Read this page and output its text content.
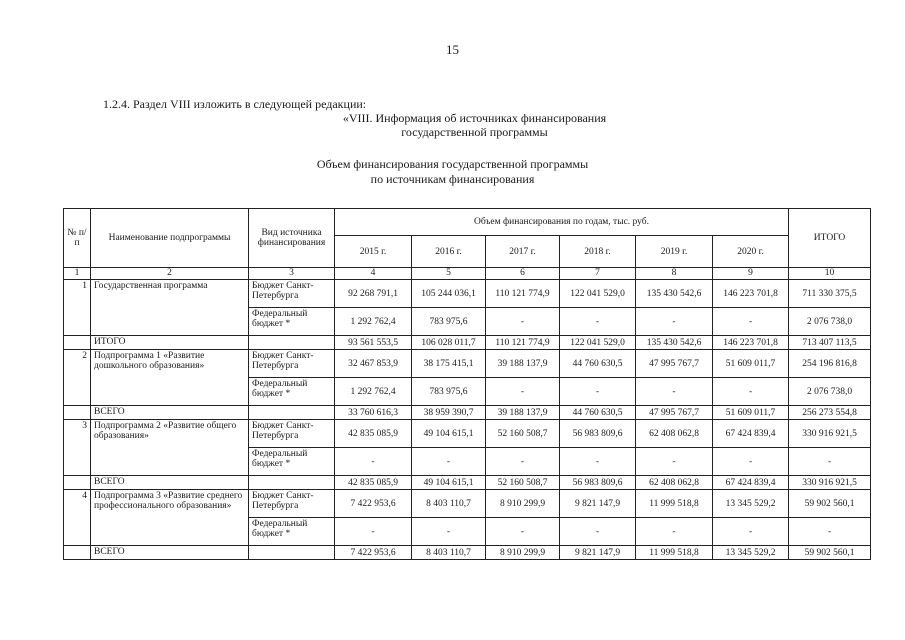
15
1.2.4. Раздел VIII изложить в следующей редакции:
«VIII. Информация об источниках финансирования
государственной программы
Объем финансирования государственной программы
по источникам финансирования
№ п/п	Наименование подпрограммы	Вид источника финансирования	Объем финансирования по годам, тыс. руб.						ИТОГО
			2015 г.	2016 г.	2017 г.	2018 г.	2019 г.	2020 г.	
1	2	3	4	5	6	7	8	9	10
1	Государственная программа	Бюджет Санкт-Петербурга	92 268 791,1	105 244 036,1	110 121 774,9	122 041 529,0	135 430 542,6	146 223 701,8	711 330 375,5
		Федеральный бюджет *	1 292 762,4	783 975,6	-	-	-	-	2 076 738,0
	ИТОГО		93 561 553,5	106 028 011,7	110 121 774,9	122 041 529,0	135 430 542,6	146 223 701,8	713 407 113,5
2	Подпрограмма 1 «Развитие дошкольного образования»	Бюджет Санкт-Петербурга	32 467 853,9	38 175 415,1	39 188 137,9	44 760 630,5	47 995 767,7	51 609 011,7	254 196 816,8
		Федеральный бюджет *	1 292 762,4	783 975,6	-	-	-	-	2 076 738,0
	ВСЕГО		33 760 616,3	38 959 390,7	39 188 137,9	44 760 630,5	47 995 767,7	51 609 011,7	256 273 554,8
3	Подпрограмма 2 «Развитие общего образования»	Бюджет Санкт-Петербурга	42 835 085,9	49 104 615,1	52 160 508,7	56 983 809,6	62 408 062,8	67 424 839,4	330 916 921,5
		Федеральный бюджет *	-	-	-	-	-	-	-
	ВСЕГО		42 835 085,9	49 104 615,1	52 160 508,7	56 983 809,6	62 408 062,8	67 424 839,4	330 916 921,5
4	Подпрограмма 3 «Развитие среднего профессионального образования»	Бюджет Санкт-Петербурга	7 422 953,6	8 403 110,7	8 910 299,9	9 821 147,9	11 999 518,8	13 345 529,2	59 902 560,1
		Федеральный бюджет *	-	-	-	-	-	-	-
	ВСЕГО		7 422 953,6	8 403 110,7	8 910 299,9	9 821 147,9	11 999 518,8	13 345 529,2	59 902 560,1
